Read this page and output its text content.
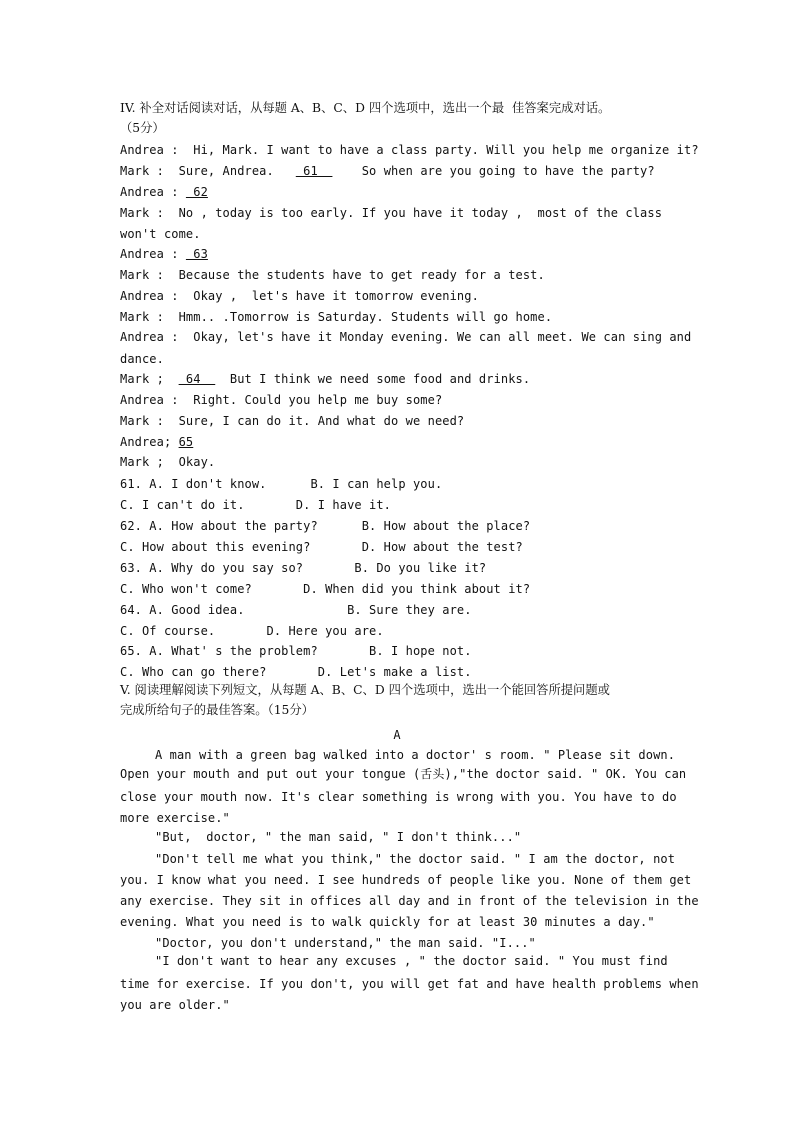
IV. 补全对话阅读对话，从每题 A、B、C、D 四个选项中，选出一个最  佳答案完成对话。
（5分）
Andrea :  Hi, Mark. I want to have a class party. Will you help me organize it?
Mark :  Sure, Andrea.    61      So when are you going to have the party?
Andrea :  62
Mark :  No , today is too early. If you have it today ,  most of the class
won't come.
Andrea :  63
Mark :  Because the students have to get ready for a test.
Andrea :  Okay ,  let's have it tomorrow evening.
Mark :  Hmm.. .Tomorrow is Saturday. Students will go home.
Andrea :  Okay, let's have it Monday evening. We can all meet. We can sing and
dance.
Mark ;   64    But I think we need some food and drinks.
Andrea :  Right. Could you help me buy some?
Mark :  Sure, I can do it. And what do we need?
Andrea; 65
Mark ;  Okay.
61. A. I don't know.      B. I can help you.
C. I can't do it.       D. I have it.
62. A. How about the party?      B. How about the place?
C. How about this evening?       D. How about the test?
63. A. Why do you say so?       B. Do you like it?
C. Who won't come?       D. When did you think about it?
64. A. Good idea.              B. Sure they are.
C. Of course.       D. Here you are.
65. A. What' s the problem?       B. I hope not.
C. Who can go there?       D. Let's make a list.
V. 阅读理解阅读下列短文，从每题 A、B、C、D 四个选项中，选出一个能回答所提问题或
完成所给句子的最佳答案。（15分）
A
A man with a green bag walked into a doctor' s room. " Please sit down.
Open your mouth and put out your tongue (舌头),"the doctor said. " OK. You can
close your mouth now. It's clear something is wrong with you. You have to do
more exercise."
"But,  doctor, " the man said, " I don't think..."
"Don't tell me what you think," the doctor said. " I am the doctor, not
you. I know what you need. I see hundreds of people like you. None of them get
any exercise. They sit in offices all day and in front of the television in the
evening. What you need is to walk quickly for at least 30 minutes a day."
"Doctor, you don't understand," the man said. "I..."
"I don't want to hear any excuses , " the doctor said. " You must find
time for exercise. If you don't, you will get fat and have health problems when
you are older."
